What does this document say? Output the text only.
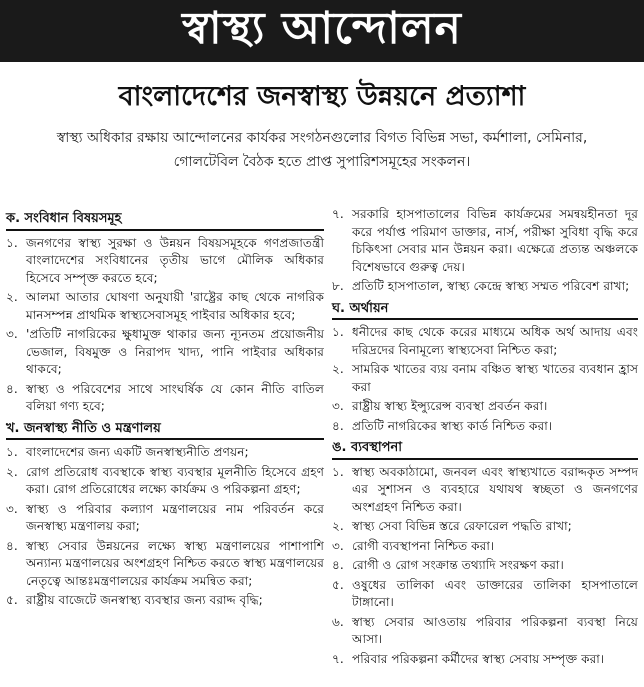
স্বাস্থ্য আন্দোলন
বাংলাদেশের জনস্বাস্থ্য উন্নয়নে প্রত্যাশা
স্বাস্থ্য অধিকার রক্ষায় আন্দোলনের কার্যকর সংগঠনগুলোর বিগত বিভিন্ন সভা, কর্মশালা, সেমিনার, গোলটেবিল বৈঠক হতে প্রাপ্ত সুপারিশসমূহের সংকলন।
ক. সংবিধান বিষয়সমূহ
১. জনগণের স্বাস্থ্য সুরক্ষা ও উন্নয়ন বিষয়সমূহকে গণপ্রজাতন্ত্রী বাংলাদেশের সংবিধানের তৃতীয় ভাগে মৌলিক অধিকার হিসেবে সম্পৃক্ত করতে হবে;
২. আলমা আতার ঘোষণা অনুযায়ী 'রাষ্ট্রের কাছ থেকে নাগরিক মানসম্পন্ন প্রাথমিক স্বাস্থ্যসেবাসমূহ পাইবার অধিকার হবে;
৩. 'প্রতিটি নাগরিকের ক্ষুধামুক্ত থাকার জন্য ন্যূনতম প্রয়োজনীয় ভেজাল, বিষমুক্ত ও নিরাপদ খাদ্য, পানি পাইবার অধিকার থাকবে;
৪. স্বাস্থ্য ও পরিবেশের সাথে সাংঘর্ষিক যে কোন নীতি বাতিল বলিয়া গণ্য হবে;
খ. জনস্বাস্থ্য নীতি ও মন্ত্রণালয়
১. বাংলাদেশের জন্য একটি জনস্বাস্থ্যনীতি প্রণয়ন;
২. রোগ প্রতিরোধ ব্যবস্থাকে স্বাস্থ্য ব্যবস্থার মূলনীতি হিসেবে গ্রহণ করা। রোগ প্রতিরোধের লক্ষ্যে কার্যক্রম ও পরিকল্পনা গ্রহণ;
৩. স্বাস্থ্য ও পরিবার কল্যাণ মন্ত্রণালয়ের নাম পরিবর্তন করে জনস্বাস্থ্য মন্ত্রণালয় করা;
৪. স্বাস্থ্য সেবার উন্নয়নের লক্ষ্যে স্বাস্থ্য মন্ত্রণালয়ের পাশাপাশি অন্যান্য মন্ত্রণালয়ের অংশগ্রহণ নিশ্চিত করতে স্বাস্থ্য মন্ত্রণালয়ের নেতৃত্বে আন্তঃমন্ত্রণালয়ের কার্যক্রম সমন্বিত করা;
৫. রাষ্ট্রীয় বাজেটে জনস্বাস্থ্য ব্যবস্থার জন্য বরাদ্দ বৃদ্ধি;
৭. সরকারি হাসপাতালের বিভিন্ন কার্যক্রমের সমন্বয়হীনতা দূর করে পর্যাপ্ত পরিমাণ ডাক্তার, নার্স, পরীক্ষা সুবিধা বৃদ্ধি করে চিকিৎসা সেবার মান উন্নয়ন করা। এক্ষেত্রে প্রত্যন্ত অঞ্চলকে বিশেষভাবে গুরুত্ব দেয়।
৮. প্রতিটি হাসপাতাল, স্বাস্থ্য কেন্দ্রে স্বাস্থ্য সম্মত পরিবেশ রাখা;
ঘ. অর্থায়ন
১. ধনীদের কাছ থেকে করের মাধ্যমে অধিক অর্থ আদায় এবং দরিদ্রদের বিনামূল্যে স্বাস্থ্যসেবা নিশ্চিত করা;
২. সামরিক খাতের ব্যয় বনাম বঞ্চিত স্বাস্থ্য খাতের ব্যবধান হ্রাস করা
৩. রাষ্ট্রীয় স্বাস্থ্য ইন্স্যুরেন্স ব্যবস্থা প্রবর্তন করা।
৪. প্রতিটি নাগরিকের স্বাস্থ্য কার্ড নিশ্চিত করা।
ঙ. ব্যবস্থাপনা
১. স্বাস্থ্য অবকাঠামো, জনবল এবং স্বাস্থ্যখাতে বরাদ্দকৃত সম্পদ এর সুশাসন ও ব্যবহারে যথাযথ স্বচ্ছতা ও জনগণের অংশগ্রহণ নিশ্চিত করা।
২. স্বাস্থ্য সেবা বিভিন্ন স্তরে রেফারেল পদ্ধতি রাখা;
৩. রোগী ব্যবস্থাপনা নিশ্চিত করা।
৪. রোগী ও রোগ সংক্রান্ত তথ্যাদি সংরক্ষণ করা।
৫. ওষুধের তালিকা এবং ডাক্তারের তালিকা হাসপাতালে টাঙ্গানো।
৬. স্বাস্থ্য সেবার আওতায় পরিবার পরিকল্পনা ব্যবস্থা নিয়ে আসা।
৭. পরিবার পরিকল্পনা কর্মীদের স্বাস্থ্য সেবায় সম্পৃক্ত করা।
